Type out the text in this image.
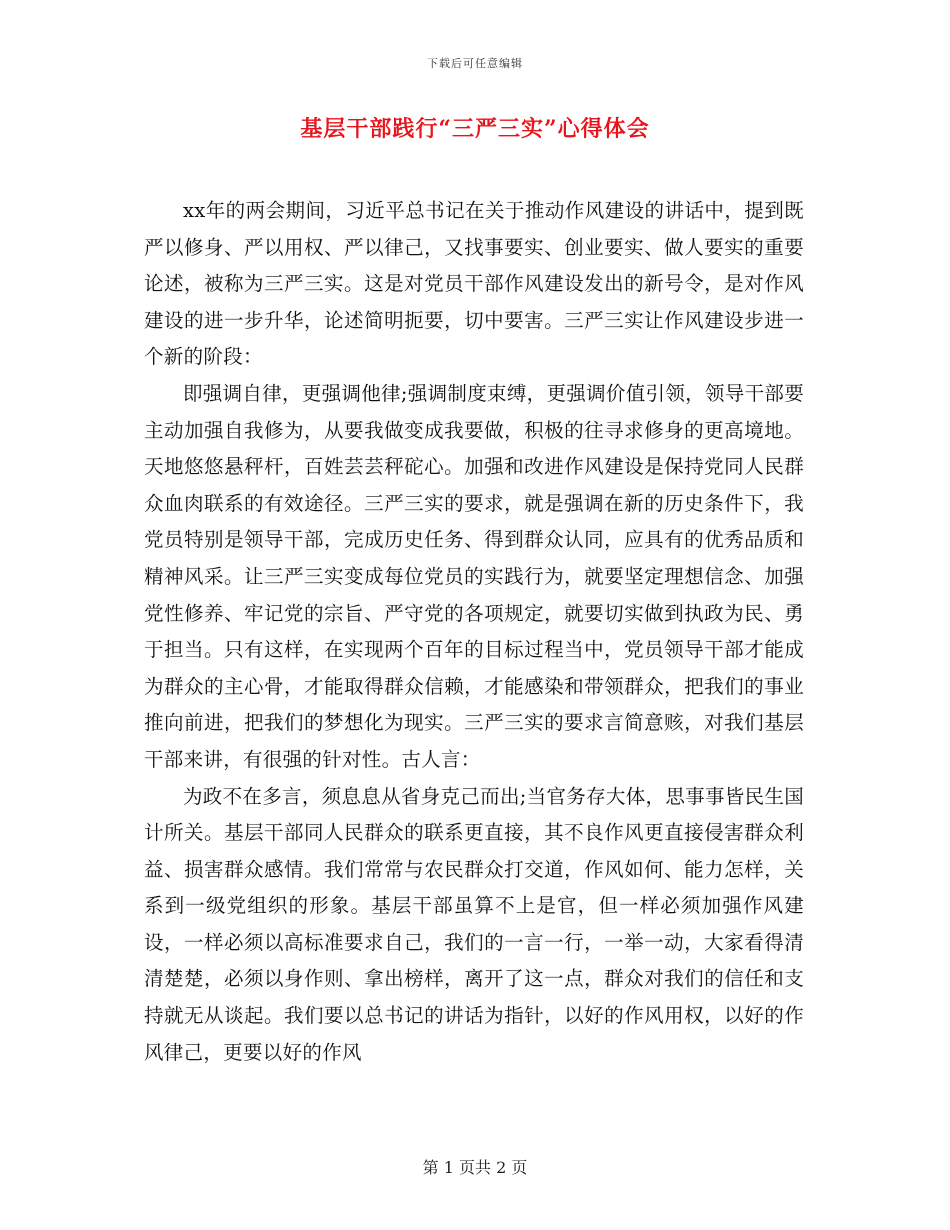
下载后可任意编辑
基层干部践行“三严三实”心得体会

xx年的两会期间，习近平总书记在关于推动作风建设的讲话中，提到既严以修身、严以用权、严以律己，又找事要实、创业要实、做人要实的重要论述，被称为三严三实。这是对党员干部作风建设发出的新号令，是对作风建设的进一步升华，论述简明扼要，切中要害。三严三实让作风建设步进一个新的阶段：

即强调自律，更强调他律;强调制度束缚，更强调价值引领，领导干部要主动加强自我修为，从要我做变成我要做，积极的往寻求修身的更高境地。天地悠悠悬秤杆，百姓芸芸秤砣心。加强和改进作风建设是保持党同人民群众血肉联系的有效途径。三严三实的要求，就是强调在新的历史条件下，我党员特别是领导干部，完成历史任务、得到群众认同，应具有的优秀品质和精神风采。让三严三实变成每位党员的实践行为，就要坚定理想信念、加强党性修养、牢记党的宗旨、严守党的各项规定，就要切实做到执政为民、勇于担当。只有这样，在实现两个百年的目标过程当中，党员领导干部才能成为群众的主心骨，才能取得群众信赖，才能感染和带领群众，把我们的事业推向前进，把我们的梦想化为现实。三严三实的要求言简意赅，对我们基层干部来讲，有很强的针对性。古人言：

为政不在多言，须息息从省身克己而出;当官务存大体，思事事皆民生国计所关。基层干部同人民群众的联系更直接，其不良作风更直接侵害群众利益、损害群众感情。我们常常与农民群众打交道，作风如何、能力怎样，关系到一级党组织的形象。基层干部虽算不上是官，但一样必须加强作风建设，一样必须以高标准要求自己，我们的一言一行，一举一动，大家看得清清楚楚，必须以身作则、拿出榜样，离开了这一点，群众对我们的信任和支持就无从谈起。我们要以总书记的讲话为指针，以好的作风用权，以好的作风律己，更要以好的作风

第 1 页共 2 页
